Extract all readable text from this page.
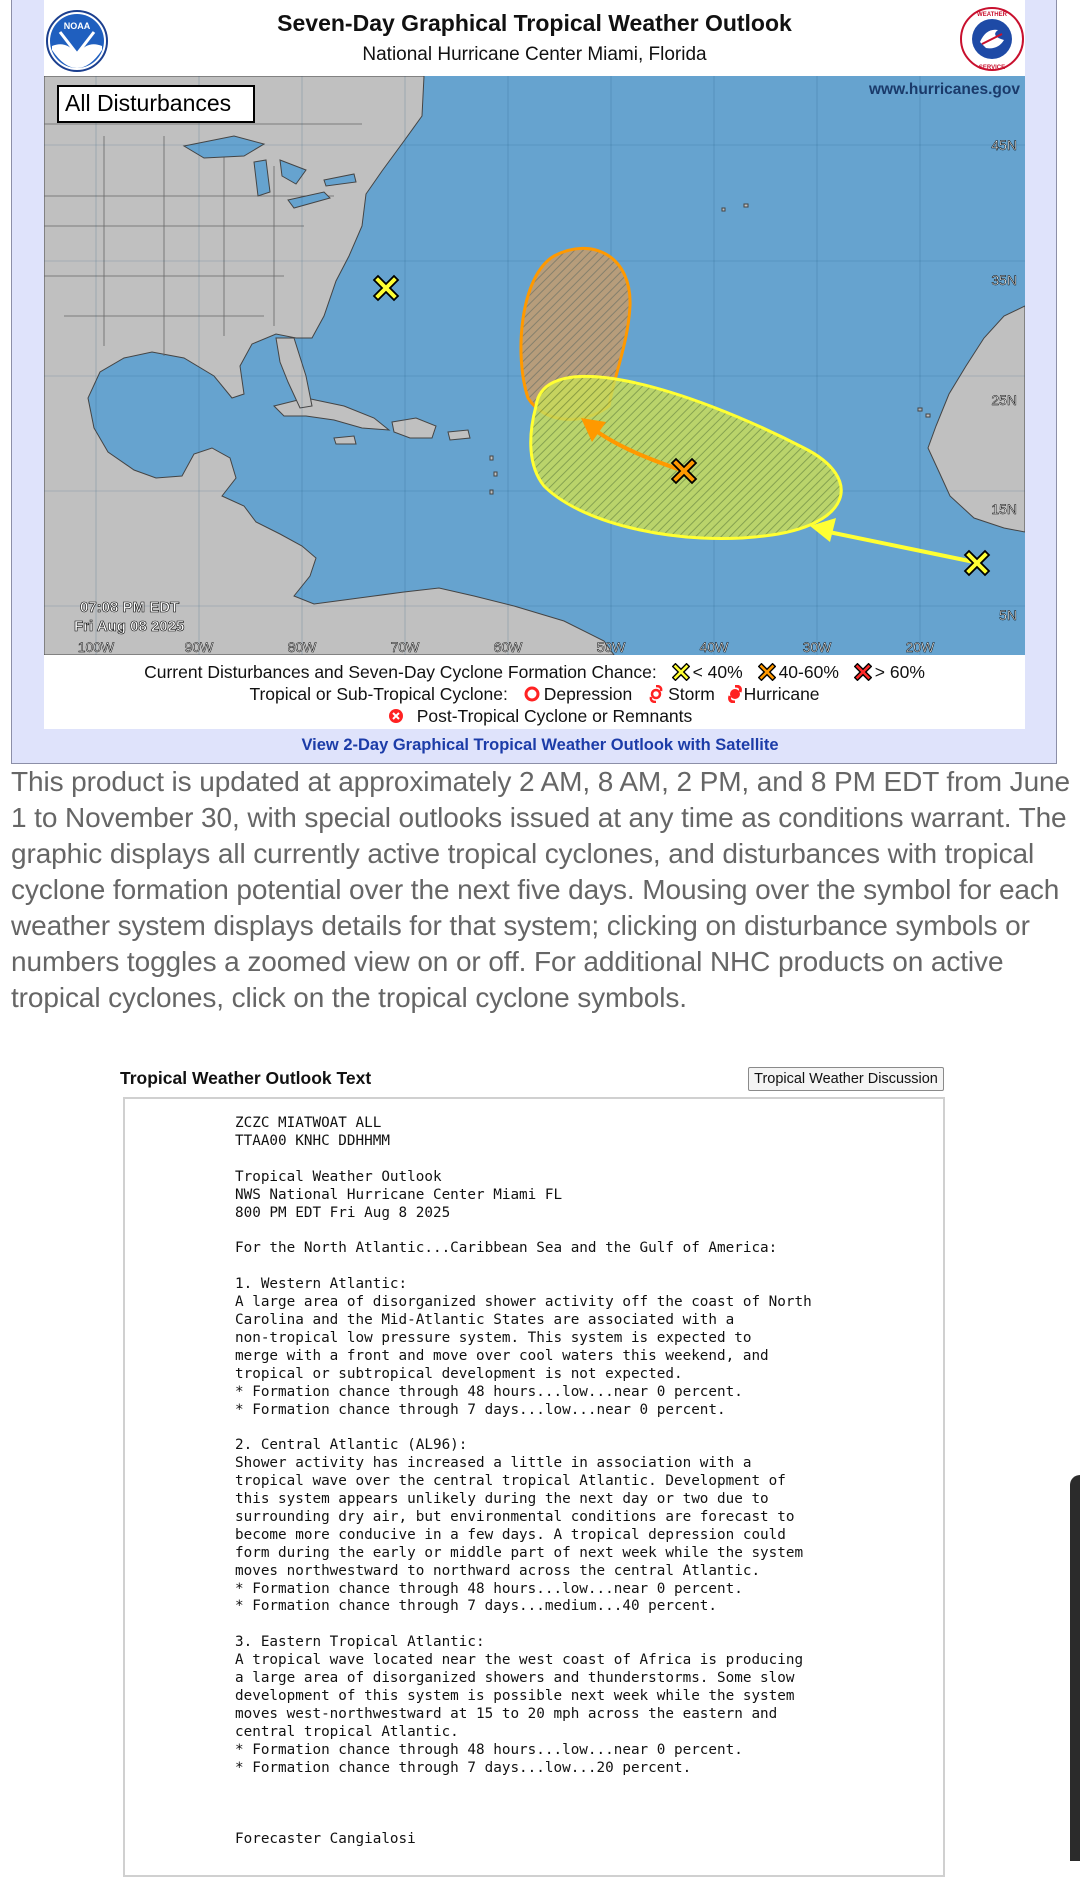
Seven-Day Graphical Tropical Weather Outlook
National Hurricane Center Miami, Florida
NOAA
WEATHER
SERVICE
All Disturbances
www.hurricanes.gov
45N
35N
25N
15N
5N
100W	90W	80W	70W	60W	50W	40W	30W	20W
07:08 PM EDT
Fri Aug 08 2025
Current Disturbances and Seven-Day Cyclone Formation Chance: < 40% 40-60% > 60%
Tropical or Sub-Tropical Cyclone: Depression Storm Hurricane
Post-Tropical Cyclone or Remnants
View 2-Day Graphical Tropical Weather Outlook with Satellite
This product is updated at approximately 2 AM, 8 AM, 2 PM, and 8 PM EDT from June 1 to November 30, with special outlooks issued at any time as conditions warrant. The graphic displays all currently active tropical cyclones, and disturbances with tropical cyclone formation potential over the next five days. Mousing over the symbol for each weather system displays details for that system; clicking on disturbance symbols or numbers toggles a zoomed view on or off. For additional NHC products on active tropical cyclones, click on the tropical cyclone symbols.
Tropical Weather Outlook Text	Tropical Weather Discussion
ZCZC MIATWOAT ALL
TTAA00 KNHC DDHHMM

Tropical Weather Outlook
NWS National Hurricane Center Miami FL
800 PM EDT Fri Aug 8 2025

For the North Atlantic...Caribbean Sea and the Gulf of America:

1. Western Atlantic:
A large area of disorganized shower activity off the coast of North
Carolina and the Mid-Atlantic States are associated with a
non-tropical low pressure system. This system is expected to
merge with a front and move over cool waters this weekend, and
tropical or subtropical development is not expected.
* Formation chance through 48 hours...low...near 0 percent.
* Formation chance through 7 days...low...near 0 percent.

2. Central Atlantic (AL96):
Shower activity has increased a little in association with a
tropical wave over the central tropical Atlantic. Development of
this system appears unlikely during the next day or two due to
surrounding dry air, but environmental conditions are forecast to
become more conducive in a few days. A tropical depression could
form during the early or middle part of next week while the system
moves northwestward to northward across the central Atlantic.
* Formation chance through 48 hours...low...near 0 percent.
* Formation chance through 7 days...medium...40 percent.

3. Eastern Tropical Atlantic:
A tropical wave located near the west coast of Africa is producing
a large area of disorganized showers and thunderstorms. Some slow
development of this system is possible next week while the system
moves west-northwestward at 15 to 20 mph across the eastern and
central tropical Atlantic.
* Formation chance through 48 hours...low...near 0 percent.
* Formation chance through 7 days...low...20 percent.

Forecaster Cangialosi
